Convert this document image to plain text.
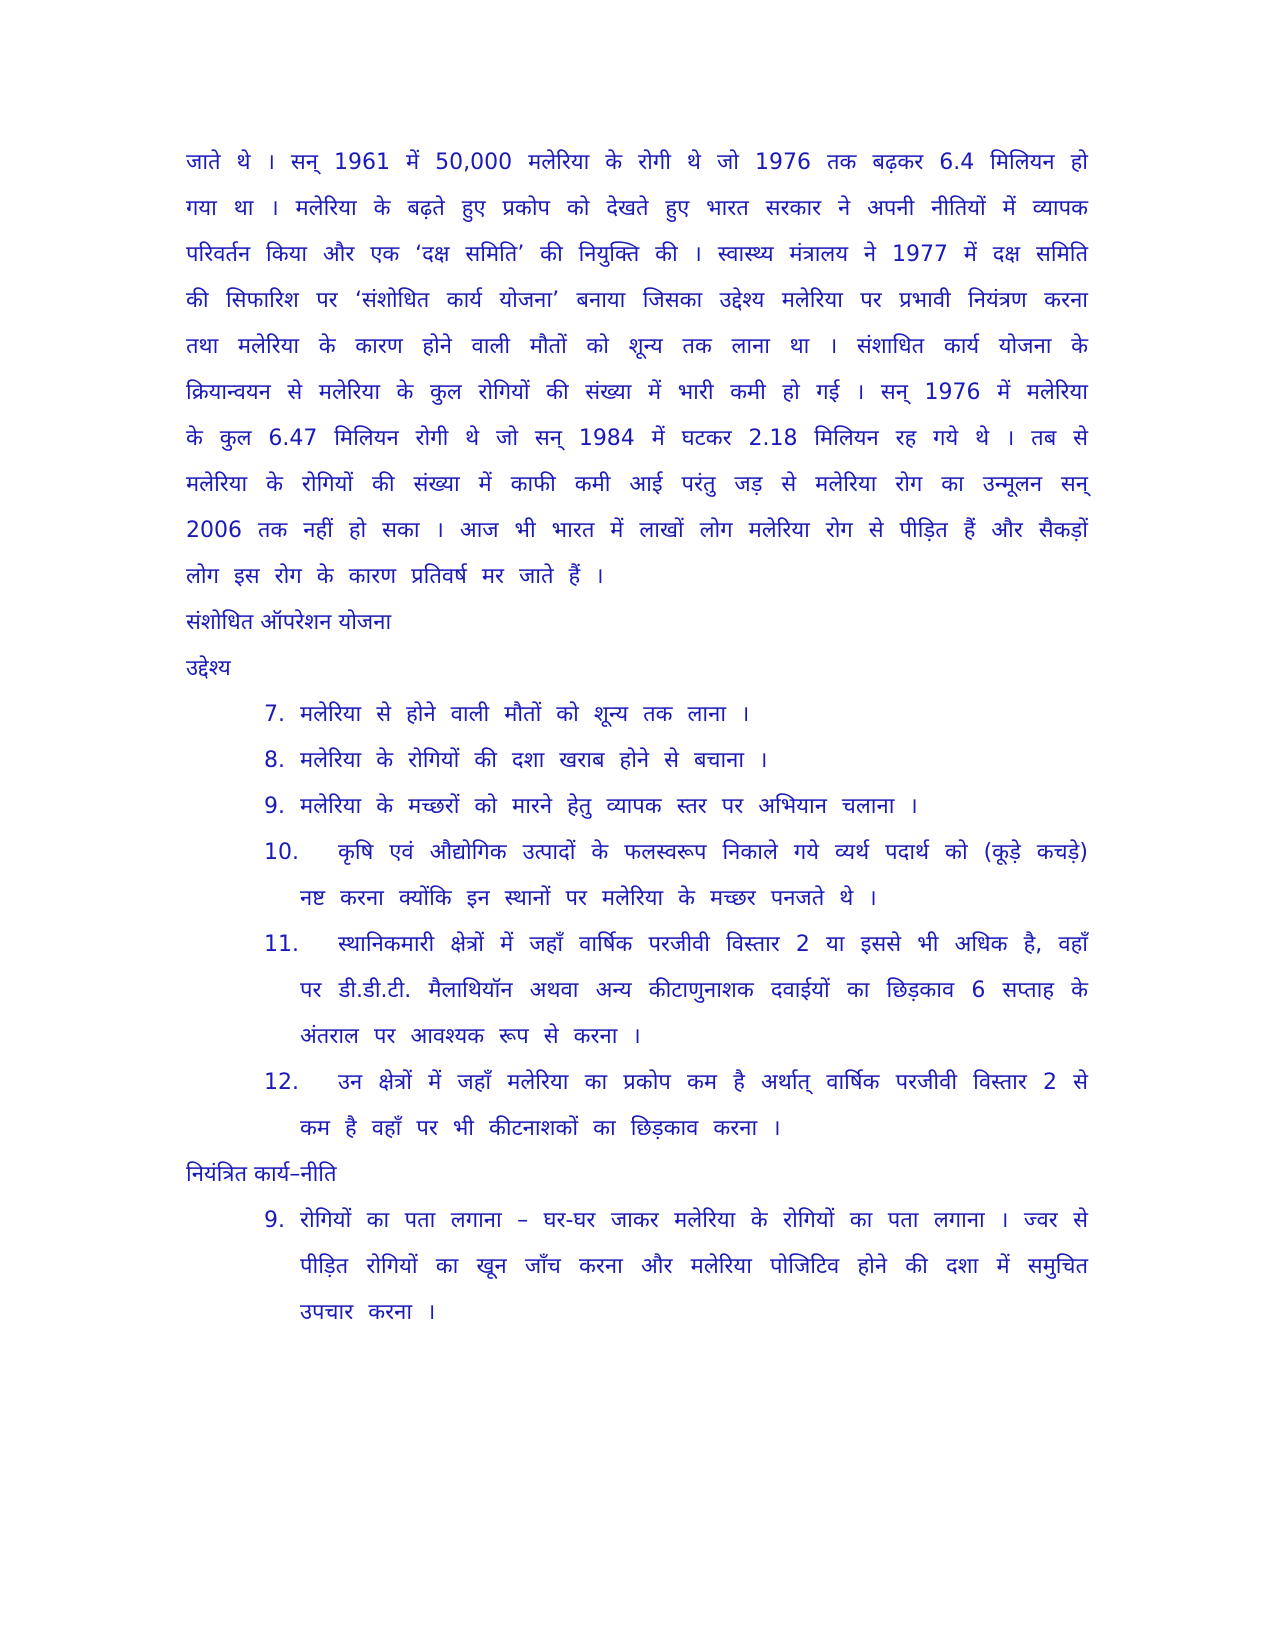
जाते थे । सन् 1961 में 50,000 मलेरिया के रोगी थे जो 1976 तक बढ़कर 6.4 मिलियन हो गया था । मलेरिया के बढ़ते हुए प्रकोप को देखते हुए भारत सरकार ने अपनी नीतियों में व्यापक परिवर्तन किया और एक ‘दक्ष समिति’ की नियुक्ति की । स्वास्थ्य मंत्रालय ने 1977 में दक्ष समिति की सिफारिश पर ‘संशोधित कार्य योजना’ बनाया जिसका उद्देश्य मलेरिया पर प्रभावी नियंत्रण करना तथा मलेरिया के कारण होने वाली मौतों को शून्य तक लाना था । संशाधित कार्य योजना के क्रियान्वयन से मलेरिया के कुल रोगियों की संख्या में भारी कमी हो गई । सन् 1976 में मलेरिया के कुल 6.47 मिलियन रोगी थे जो सन् 1984 में घटकर 2.18 मिलियन रह गये थे । तब से मलेरिया के रोगियों की संख्या में काफी कमी आई परंतु जड़ से मलेरिया रोग का उन्मूलन सन् 2006 तक नहीं हो सका । आज भी भारत में लाखों लोग मलेरिया रोग से पीड़ित हैं और सैकड़ों लोग इस रोग के कारण प्रतिवर्ष मर जाते हैं ।

संशोधित ऑपरेशन योजना

उद्देश्य

7. मलेरिया से होने वाली मौतों को शून्य तक लाना ।
8. मलेरिया के रोगियों की दशा खराब होने से बचाना ।
9. मलेरिया के मच्छरों को मारने हेतु व्यापक स्तर पर अभियान चलाना ।
10. कृषि एवं औद्योगिक उत्पादों के फलस्वरूप निकाले गये व्यर्थ पदार्थ को (कूड़े कचड़े) नष्ट करना क्योंकि इन स्थानों पर मलेरिया के मच्छर पनजते थे ।
11. स्थानिकमारी क्षेत्रों में जहाँ वार्षिक परजीवी विस्तार 2 या इससे भी अधिक है, वहाँ पर डी.डी.टी. मैलाथियॉन अथवा अन्य कीटाणुनाशक दवाईयों का छिड़काव 6 सप्ताह के अंतराल पर आवश्यक रूप से करना ।
12. उन क्षेत्रों में जहाँ मलेरिया का प्रकोप कम है अर्थात् वार्षिक परजीवी विस्तार 2 से कम है वहाँ पर भी कीटनाशकों का छिड़काव करना ।

नियंत्रित कार्य–नीति

9. रोगियों का पता लगाना – घर-घर जाकर मलेरिया के रोगियों का पता लगाना । ज्वर से पीड़ित रोगियों का खून जाँच करना और मलेरिया पोजिटिव होने की दशा में समुचित उपचार करना ।
